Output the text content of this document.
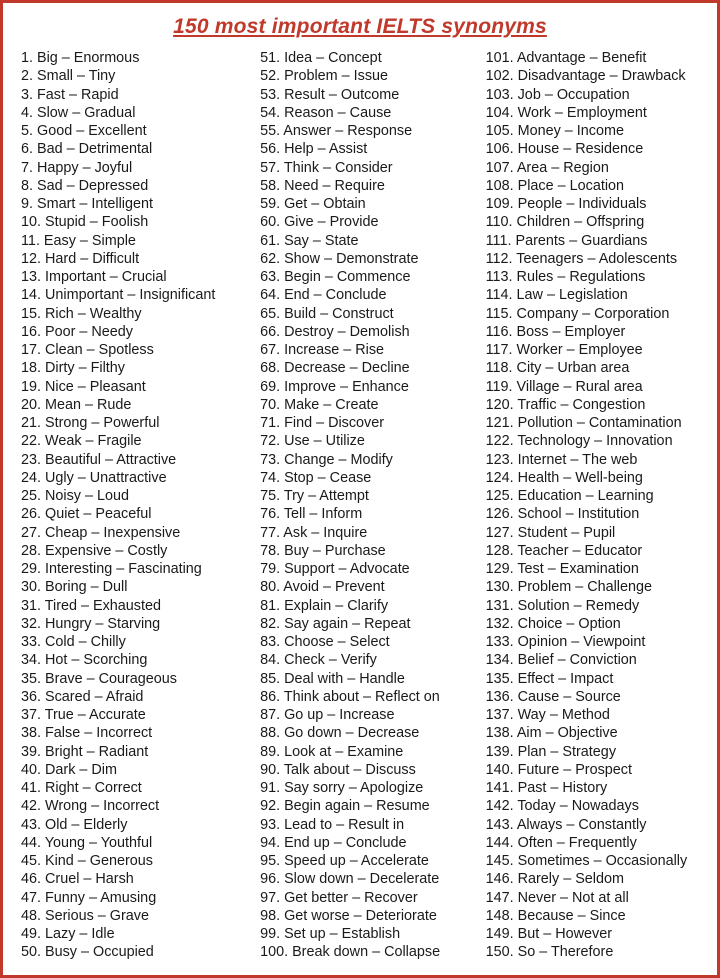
150 most important IELTS synonyms
1. Big – Enormous
2. Small – Tiny
3. Fast – Rapid
4. Slow – Gradual
5. Good – Excellent
6. Bad – Detrimental
7. Happy – Joyful
8. Sad – Depressed
9. Smart – Intelligent
10. Stupid – Foolish
11. Easy – Simple
12. Hard – Difficult
13. Important – Crucial
14. Unimportant – Insignificant
15. Rich – Wealthy
16. Poor – Needy
17. Clean – Spotless
18. Dirty – Filthy
19. Nice – Pleasant
20. Mean – Rude
21. Strong – Powerful
22. Weak – Fragile
23. Beautiful – Attractive
24. Ugly – Unattractive
25. Noisy – Loud
26. Quiet – Peaceful
27. Cheap – Inexpensive
28. Expensive – Costly
29. Interesting – Fascinating
30. Boring – Dull
31. Tired – Exhausted
32. Hungry – Starving
33. Cold – Chilly
34. Hot – Scorching
35. Brave – Courageous
36. Scared – Afraid
37. True – Accurate
38. False – Incorrect
39. Bright – Radiant
40. Dark – Dim
41. Right – Correct
42. Wrong – Incorrect
43. Old – Elderly
44. Young – Youthful
45. Kind – Generous
46. Cruel – Harsh
47. Funny – Amusing
48. Serious – Grave
49. Lazy – Idle
50. Busy – Occupied
51. Idea – Concept
52. Problem – Issue
53. Result – Outcome
54. Reason – Cause
55. Answer – Response
56. Help – Assist
57. Think – Consider
58. Need – Require
59. Get – Obtain
60. Give – Provide
61. Say – State
62. Show – Demonstrate
63. Begin – Commence
64. End – Conclude
65. Build – Construct
66. Destroy – Demolish
67. Increase – Rise
68. Decrease – Decline
69. Improve – Enhance
70. Make – Create
71. Find – Discover
72. Use – Utilize
73. Change – Modify
74. Stop – Cease
75. Try – Attempt
76. Tell – Inform
77. Ask – Inquire
78. Buy – Purchase
79. Support – Advocate
80. Avoid – Prevent
81. Explain – Clarify
82. Say again – Repeat
83. Choose – Select
84. Check – Verify
85. Deal with – Handle
86. Think about – Reflect on
87. Go up – Increase
88. Go down – Decrease
89. Look at – Examine
90. Talk about – Discuss
91. Say sorry – Apologize
92. Begin again – Resume
93. Lead to – Result in
94. End up – Conclude
95. Speed up – Accelerate
96. Slow down – Decelerate
97. Get better – Recover
98. Get worse – Deteriorate
99. Set up – Establish
100. Break down – Collapse
101. Advantage – Benefit
102. Disadvantage – Drawback
103. Job – Occupation
104. Work – Employment
105. Money – Income
106. House – Residence
107. Area – Region
108. Place – Location
109. People – Individuals
110. Children – Offspring
111. Parents – Guardians
112. Teenagers – Adolescents
113. Rules – Regulations
114. Law – Legislation
115. Company – Corporation
116. Boss – Employer
117. Worker – Employee
118. City – Urban area
119. Village – Rural area
120. Traffic – Congestion
121. Pollution – Contamination
122. Technology – Innovation
123. Internet – The web
124. Health – Well-being
125. Education – Learning
126. School – Institution
127. Student – Pupil
128. Teacher – Educator
129. Test – Examination
130. Problem – Challenge
131. Solution – Remedy
132. Choice – Option
133. Opinion – Viewpoint
134. Belief – Conviction
135. Effect – Impact
136. Cause – Source
137. Way – Method
138. Aim – Objective
139. Plan – Strategy
140. Future – Prospect
141. Past – History
142. Today – Nowadays
143. Always – Constantly
144. Often – Frequently
145. Sometimes – Occasionally
146. Rarely – Seldom
147. Never – Not at all
148. Because – Since
149. But – However
150. So – Therefore
